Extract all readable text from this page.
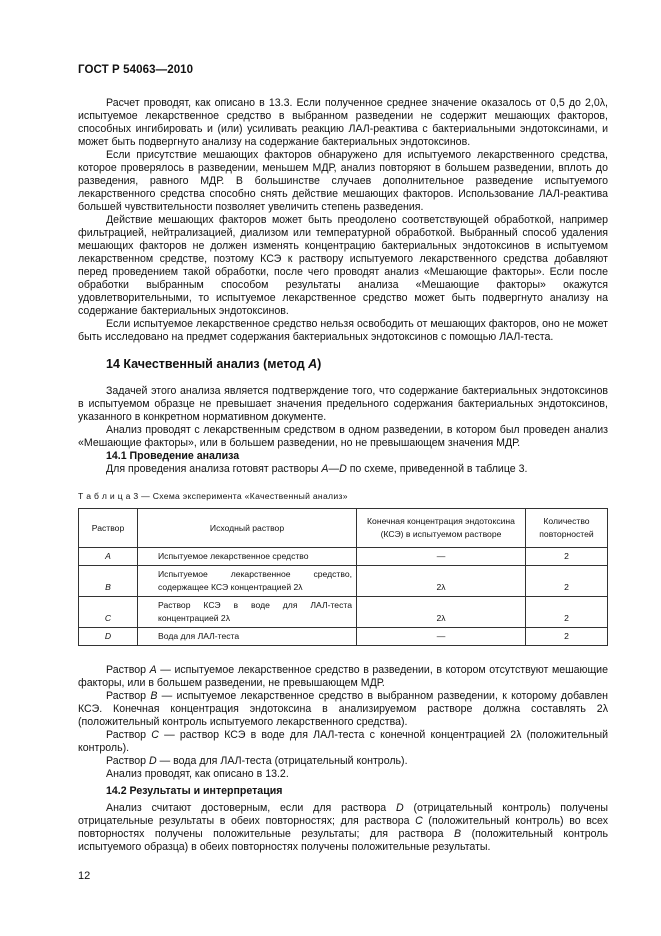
ГОСТ Р 54063—2010

Расчет проводят, как описано в 13.3. Если полученное среднее значение оказалось от 0,5 до 2,0λ, испытуемое лекарственное средство в выбранном разведении не содержит мешающих факторов, способных ингибировать и (или) усиливать реакцию ЛАЛ-реактива с бактериальными эндотоксинами, и может быть подвергнуто анализу на содержание бактериальных эндотоксинов.

Если присутствие мешающих факторов обнаружено для испытуемого лекарственного средства, которое проверялось в разведении, меньшем МДР, анализ повторяют в большем разведении, вплоть до разведения, равного МДР. В большинстве случаев дополнительное разведение испытуемого лекарственного средства способно снять действие мешающих факторов. Использование ЛАЛ-реактива большей чувствительности позволяет увеличить степень разведения.

Действие мешающих факторов может быть преодолено соответствующей обработкой, например фильтрацией, нейтрализацией, диализом или температурной обработкой. Выбранный способ удаления мешающих факторов не должен изменять концентрацию бактериальных эндотоксинов в испытуемом лекарственном средстве, поэтому КСЭ к раствору испытуемого лекарственного средства добавляют перед проведением такой обработки, после чего проводят анализ «Мешающие факторы». Если после обработки выбранным способом результаты анализа «Мешающие факторы» окажутся удовлетворительными, то испытуемое лекарственное средство может быть подвергнуто анализу на содержание бактериальных эндотоксинов.

Если испытуемое лекарственное средство нельзя освободить от мешающих факторов, оно не может быть исследовано на предмет содержания бактериальных эндотоксинов с помощью ЛАЛ-теста.

14 Качественный анализ (метод А)

Задачей этого анализа является подтверждение того, что содержание бактериальных эндотоксинов в испытуемом образце не превышает значения предельного содержания бактериальных эндотоксинов, указанного в конкретном нормативном документе.

Анализ проводят с лекарственным средством в одном разведении, в котором был проведен анализ «Мешающие факторы», или в большем разведении, но не превышающем значения МДР.

14.1 Проведение анализа

Для проведения анализа готовят растворы А—D по схеме, приведенной в таблице 3.

Т а б л и ц а 3 — Схема эксперимента «Качественный анализ»
Раствор	Исходный раствор	Конечная концентрация эндотоксина (КСЭ) в испытуемом растворе	Количество повторностей
А	Испытуемое лекарственное средство	—	2
В	Испытуемое лекарственное средство, содержащее КСЭ концентрацией 2λ	2λ	2
С	Раствор КСЭ в воде для ЛАЛ-теста концентрацией 2λ	2λ	2
D	Вода для ЛАЛ-теста	—	2

Раствор А — испытуемое лекарственное средство в разведении, в котором отсутствуют мешающие факторы, или в большем разведении, не превышающем МДР.

Раствор В — испытуемое лекарственное средство в выбранном разведении, к которому добавлен КСЭ. Конечная концентрация эндотоксина в анализируемом растворе должна составлять 2λ (положительный контроль испытуемого лекарственного средства).

Раствор С — раствор КСЭ в воде для ЛАЛ-теста с конечной концентрацией 2λ (положительный контроль).

Раствор D — вода для ЛАЛ-теста (отрицательный контроль).

Анализ проводят, как описано в 13.2.

14.2 Результаты и интерпретация

Анализ считают достоверным, если для раствора D (отрицательный контроль) получены отрицательные результаты в обеих повторностях; для раствора С (положительный контроль) во всех повторностях получены положительные результаты; для раствора В (положительный контроль испытуемого образца) в обеих повторностях получены положительные результаты.

12
